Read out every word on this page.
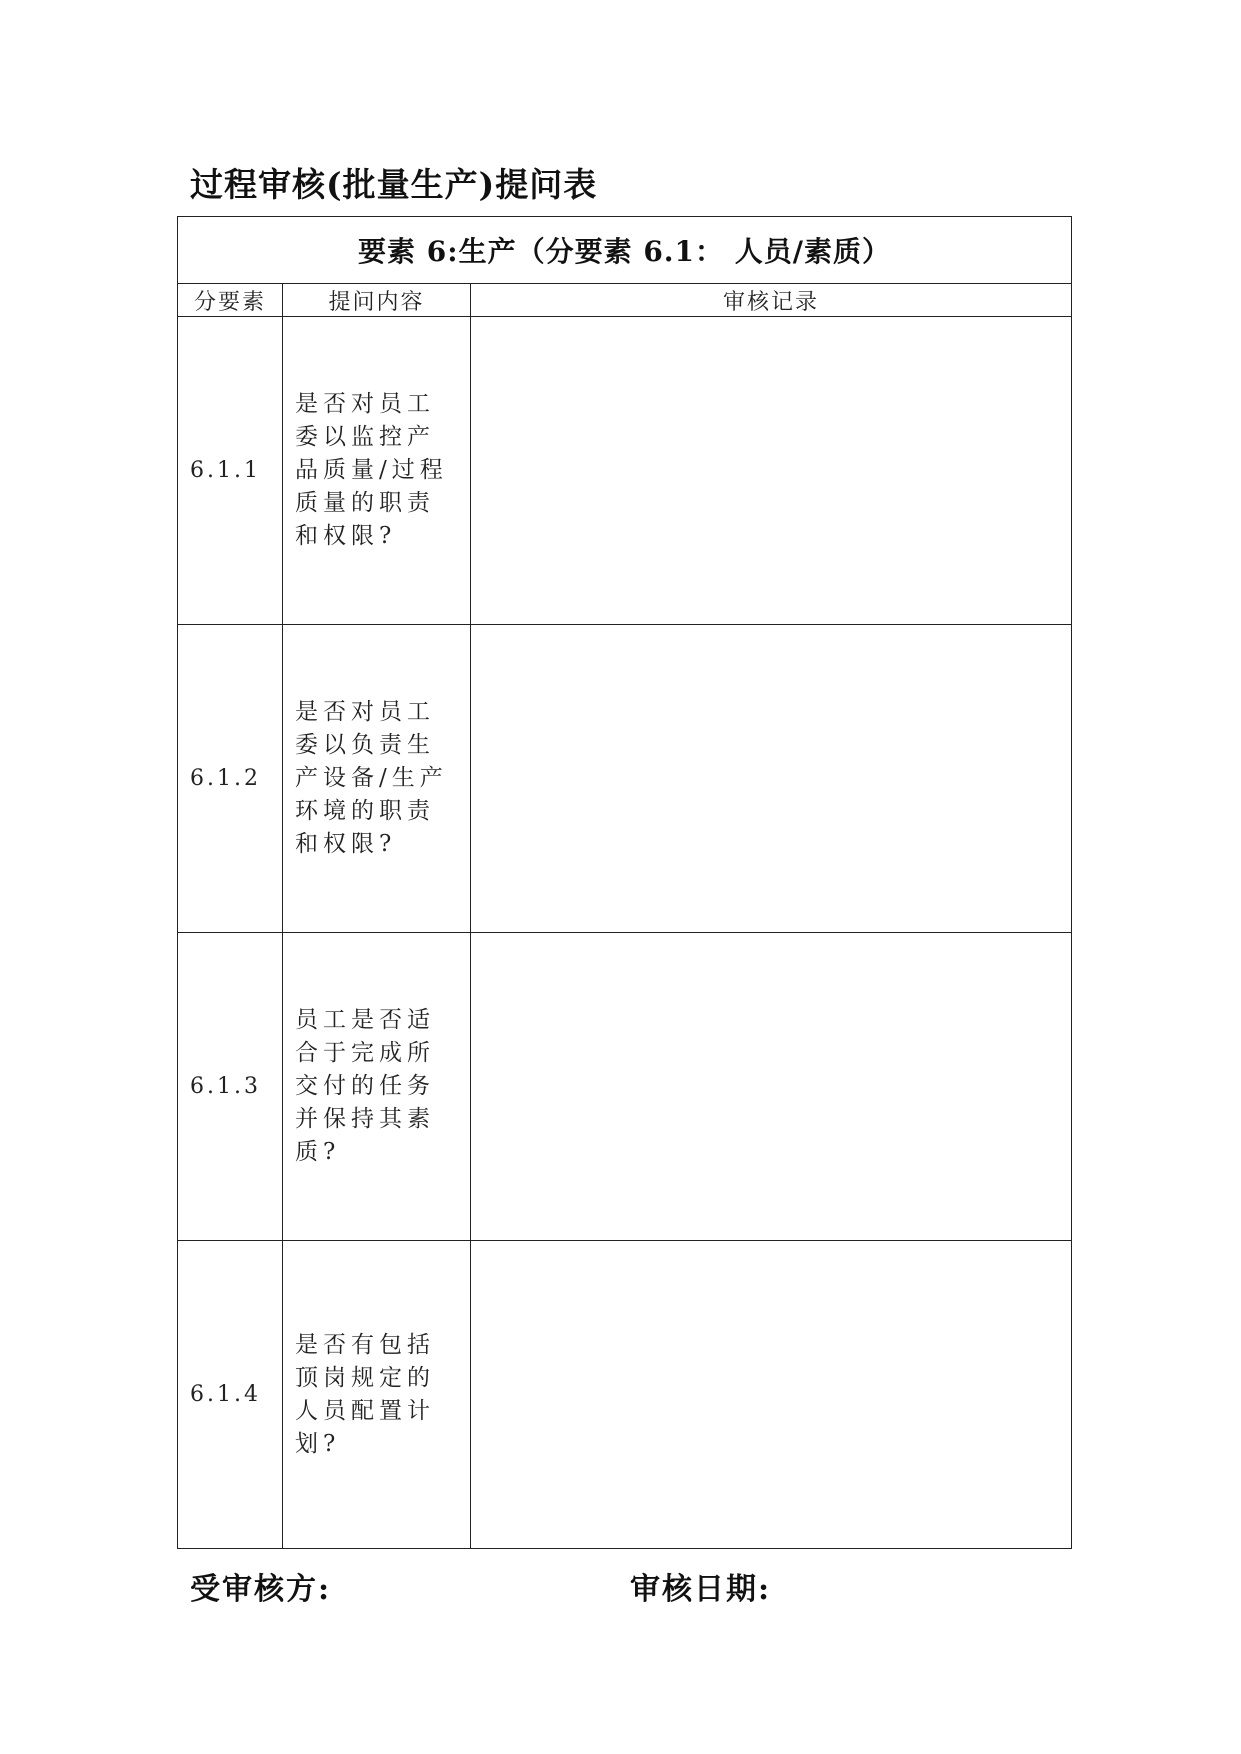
过程审核(批量生产)提问表
要素 6:生产（分要素 6.1： 人员/素质）		
分要素	提问内容	审核记录
6.1.1	是否对员工委以监控产品质量/过程质量的职责和权限?	
6.1.2	是否对员工委以负责生产设备/生产环境的职责和权限?	
6.1.3	员工是否适合于完成所交付的任务并保持其素质?	
6.1.4	是否有包括顶岗规定的人员配置计划?	
受审核方:	审核日期:
